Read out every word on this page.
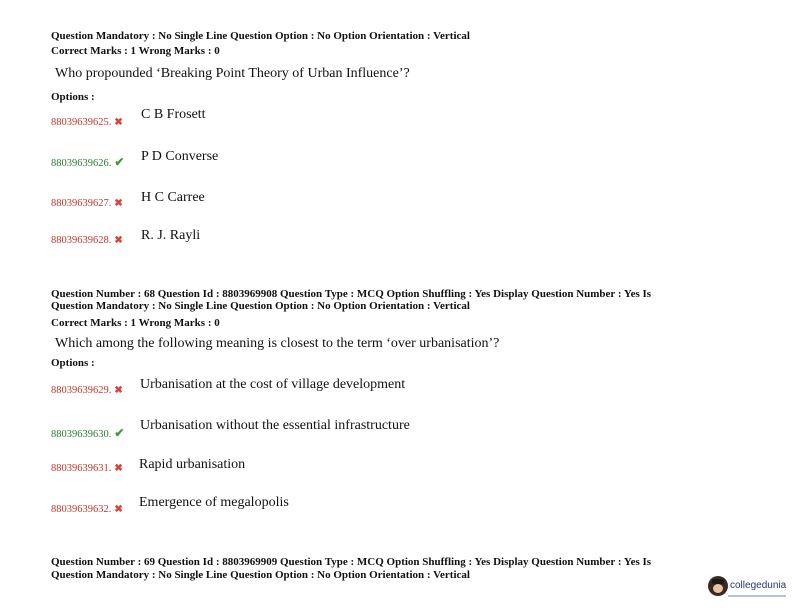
Question Mandatory : No Single Line Question Option : No Option Orientation : Vertical
Correct Marks : 1 Wrong Marks : 0
Who propounded ‘Breaking Point Theory of Urban Influence’?
Options :
88039639625. ✖
C B Frosett
88039639626. ✔ P D Converse
88039639627. ✖ H C Carree
88039639628. ✖ R. J. Rayli
Question Number : 68 Question Id : 8803969908 Question Type : MCQ Option Shuffling : Yes Display Question Number : Yes Is
Question Mandatory : No Single Line Question Option : No Option Orientation : Vertical
Correct Marks : 1 Wrong Marks : 0
Which among the following meaning is closest to the term ‘over urbanisation’?
Options :
88039639629. ✖ Urbanisation at the cost of village development
88039639630. ✔ Urbanisation without the essential infrastructure
88039639631. ✖ Rapid urbanisation
88039639632. ✖ Emergence of megalopolis
Question Number : 69 Question Id : 8803969909 Question Type : MCQ Option Shuffling : Yes Display Question Number : Yes Is
Question Mandatory : No Single Line Question Option : No Option Orientation : Vertical
collegedunia
